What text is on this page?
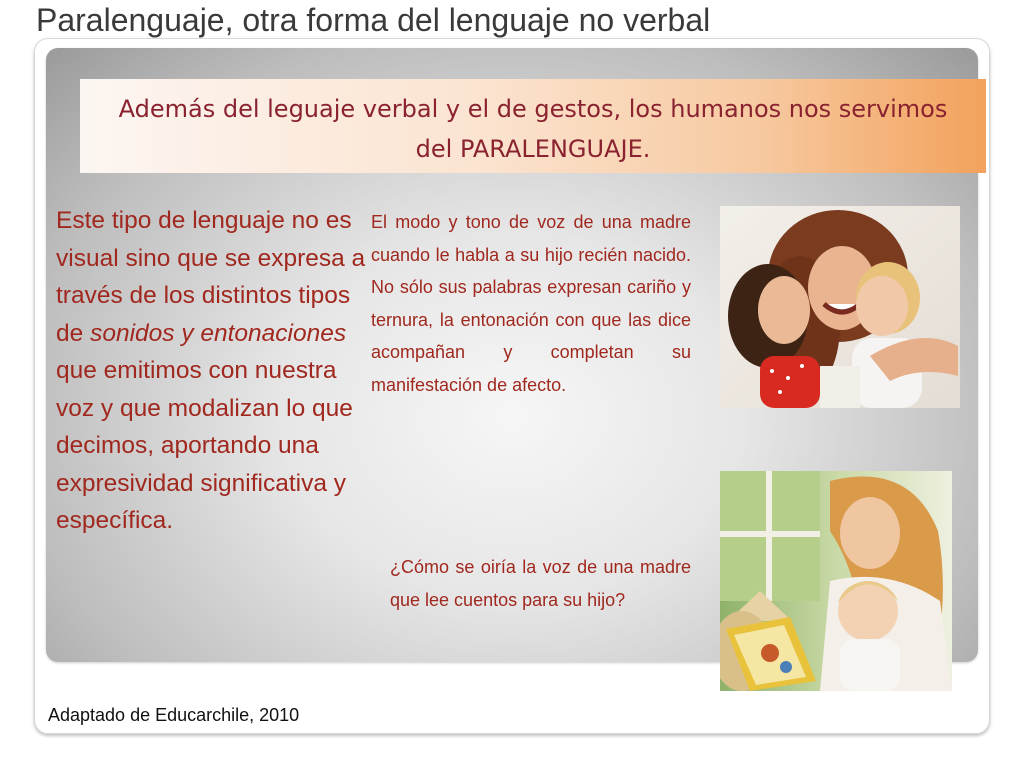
Paralenguaje, otra forma del lenguaje no verbal
Además del leguaje verbal y el de gestos, los humanos nos servimos del PARALENGUAJE.
Este tipo de lenguaje no es visual sino que se expresa a través de los distintos tipos de sonidos y entonaciones que emitimos con nuestra voz y que modalizan lo que decimos, aportando una expresividad significativa y específica.
El modo y tono de voz de una madre cuando le habla a su hijo recién nacido. No sólo sus palabras expresan cariño y ternura, la entonación con que las dice acompañan y completan su manifestación de afecto.
¿Cómo se oiría la voz de una madre que lee cuentos para su hijo?
Adaptado de Educarchile, 2010
